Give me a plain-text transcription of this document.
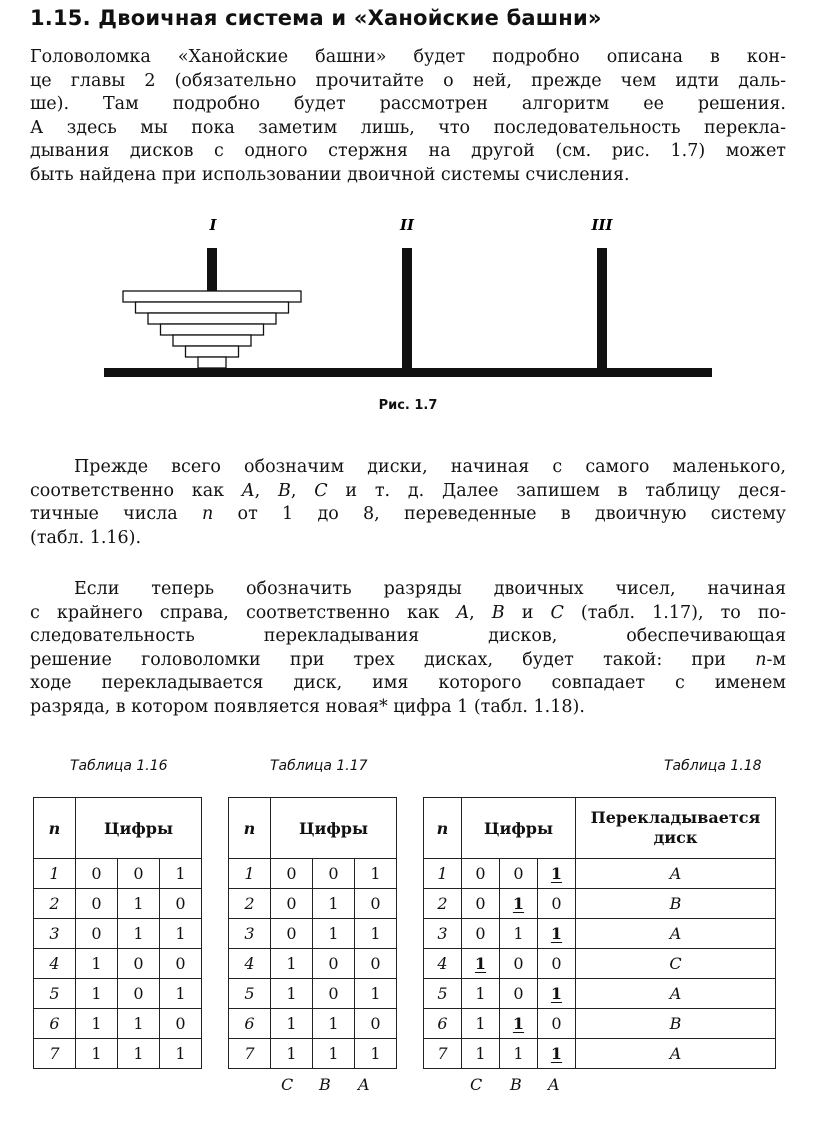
1.15. Двоичная система и «Ханойские башни»
Головоломка «Ханойские башни» будет подробно описана в кон-
це главы 2 (обязательно прочитайте о ней, прежде чем идти даль-
ше). Там подробно будет рассмотрен алгоритм ее решения.
А здесь мы пока заметим лишь, что последовательность перекла-
дывания дисков с одного стержня на другой (см. рис. 1.7) может
быть найдена при использовании двоичной системы счисления.
I	II	III
Рис. 1.7
Прежде всего обозначим диски, начиная с самого маленького,
соответственно как A, B, C и т. д. Далее запишем в таблицу деся-
тичные числа n от 1 до 8, переведенные в двоичную систему
(табл. 1.16).
Если теперь обозначить разряды двоичных чисел, начиная
с крайнего справа, соответственно как A, B и C (табл. 1.17), то по-
следовательность перекладывания дисков, обеспечивающая
решение головоломки при трех дисках, будет такой: при n-м
ходе перекладывается диск, имя которого совпадает с именем
разряда, в котором появляется новая* цифра 1 (табл. 1.18).
Таблица 1.16	Таблица 1.17	Таблица 1.18
n	Цифры		
1	0	0	1
2	0	1	0
3	0	1	1
4	1	0	0
5	1	0	1
6	1	1	0
7	1	1	1
n	Цифры		
1	0	0	1
2	0	1	0
3	0	1	1
4	1	0	0
5	1	0	1
6	1	1	0
7	1	1	1
n	Цифры			Перекладывается диск
1	0	0	1	A
2	0	1	0	B
3	0	1	1	A
4	1	0	0	C
5	1	0	1	A
6	1	1	0	B
7	1	1	1	A
C B A	C B A
